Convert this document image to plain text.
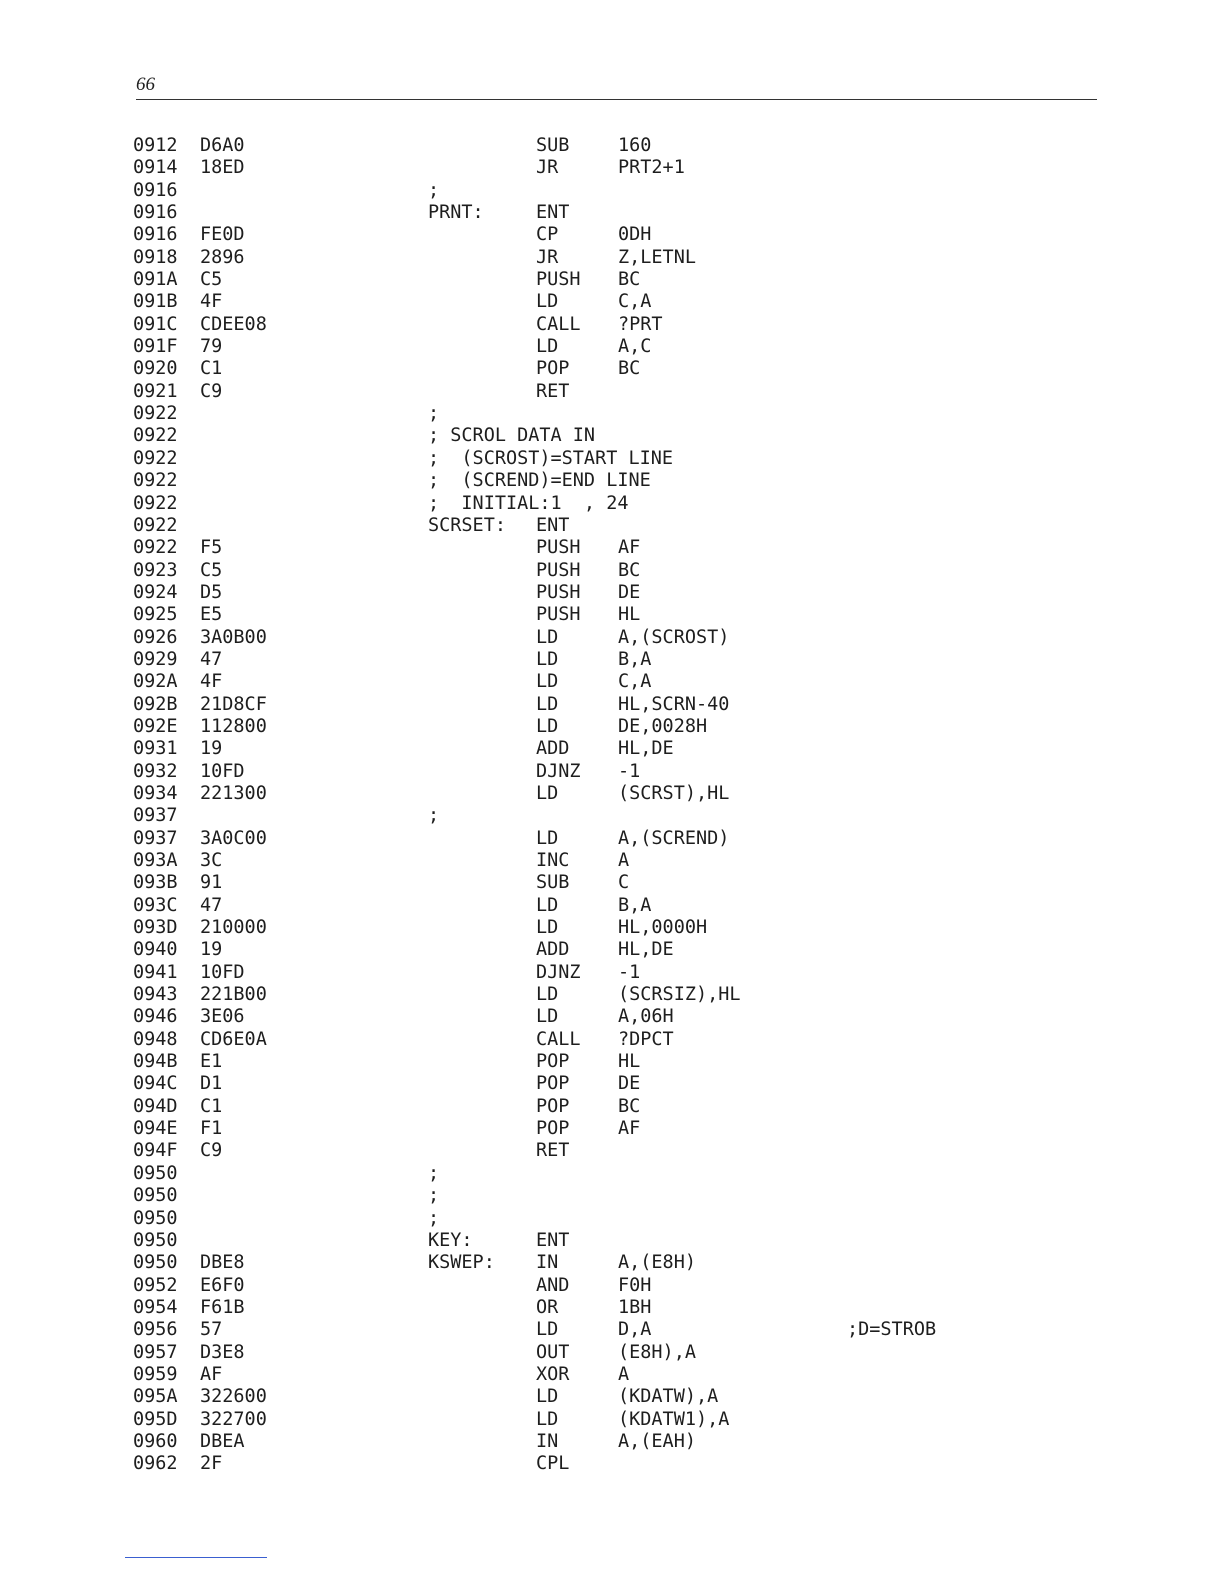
66
0912 D6A0	SUB	160
0914 18ED	JR	PRT2+1
0916	;
0916	PRNT:	ENT
0916 FE0D	CP	0DH
0918 2896	JR	Z,LETNL
091A C5	PUSH BC
091B 4F	LD	C,A
091C CDEE08	CALL ?PRT
091F 79	LD	A,C
0920 C1	POP	BC
0921 C9	RET
0922	;
0922	; SCROL DATA IN
0922	;  (SCROST)=START LINE
0922	;  (SCREND)=END LINE
0922	;  INITIAL:1  , 24
0922	SCRSET: ENT
0922 F5	PUSH AF
0923 C5	PUSH BC
0924 D5	PUSH DE
0925 E5	PUSH HL
0926 3A0B00	LD	A,(SCROST)
0929 47	LD	B,A
092A 4F	LD	C,A
092B 21D8CF	LD	HL,SCRN-40
092E 112800	LD	DE,0028H
0931 19	ADD	HL,DE
0932 10FD	DJNZ -1
0934 221300	LD	(SCRST),HL
0937	;
0937 3A0C00	LD	A,(SCREND)
093A 3C	INC	A
093B 91	SUB	C
093C 47	LD	B,A
093D 210000	LD	HL,0000H
0940 19	ADD	HL,DE
0941 10FD	DJNZ -1
0943 221B00	LD	(SCRSIZ),HL
0946 3E06	LD	A,06H
0948 CD6E0A	CALL ?DPCT
094B E1	POP	HL
094C D1	POP	DE
094D C1	POP	BC
094E F1	POP	AF
094F C9	RET
0950	;
0950	;
0950	;
0950	KEY:	ENT
0950 DBE8	KSWEP: IN	A,(E8H)
0952 E6F0	AND	F0H
0954 F61B	OR	1BH
0956 57	LD	D,A	;D=STROB
0957 D3E8	OUT	(E8H),A
0959 AF	XOR	A
095A 322600	LD	(KDATW),A
095D 322700	LD	(KDATW1),A
0960 DBEA	IN	A,(EAH)
0962 2F	CPL
